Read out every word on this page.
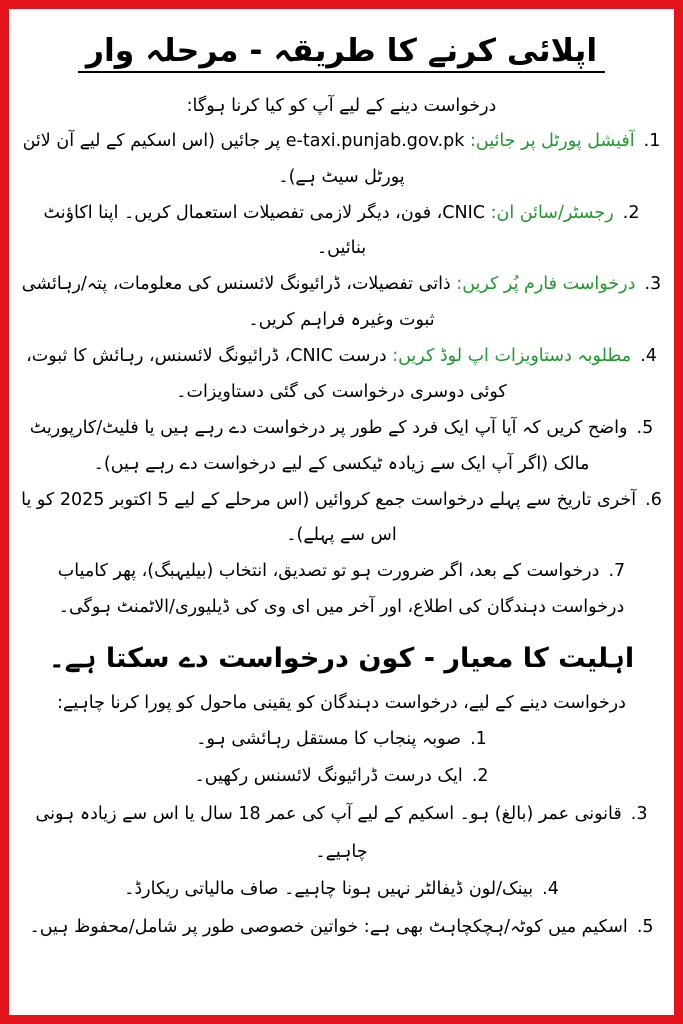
اپلائی کرنے کا طریقہ - مرحلہ وار

درخواست دینے کے لیے آپ کو کیا کرنا ہوگا:

1. آفیشل پورٹل پر جائیں: e-taxi.punjab.gov.pk پر جائیں (اس اسکیم کے لیے آن لائن پورٹل سیٹ ہے)۔

2. رجسٹر/سائن ان: CNIC، فون، دیگر لازمی تفصیلات استعمال کریں۔ اپنا اکاؤنٹ بنائیں۔

3. درخواست فارم پُر کریں: ذاتی تفصیلات، ڈرائیونگ لائسنس کی معلومات، پتہ/رہائشی ثبوت وغیرہ فراہم کریں۔

4. مطلوبہ دستاویزات اپ لوڈ کریں: درست CNIC، ڈرائیونگ لائسنس، رہائش کا ثبوت، کوئی دوسری درخواست کی گئی دستاویزات۔

5. واضح کریں کہ آیا آپ ایک فرد کے طور پر درخواست دے رہے ہیں یا فلیٹ/کارپوریٹ مالک (اگر آپ ایک سے زیادہ ٹیکسی کے لیے درخواست دے رہے ہیں)۔

6. آخری تاریخ سے پہلے درخواست جمع کروائیں (اس مرحلے کے لیے 5 اکتوبر 2025 کو یا اس سے پہلے)۔

7. درخواست کے بعد، اگر ضرورت ہو تو تصدیق، انتخاب (بیلیہبگ)، پھر کامیاب درخواست دہندگان کی اطلاع، اور آخر میں ای وی کی ڈیلیوری/الاٹمنٹ ہوگی۔

اہلیت کا معیار - کون درخواست دے سکتا ہے۔

درخواست دینے کے لیے، درخواست دہندگان کو یقینی ماحول کو پورا کرنا چاہیے:

1. صوبہ پنجاب کا مستقل رہائشی ہو۔

2. ایک درست ڈرائیونگ لائسنس رکھیں۔

3. قانونی عمر (بالغ) ہو۔ اسکیم کے لیے آپ کی عمر 18 سال یا اس سے زیادہ ہونی چاہیے۔

4. بینک/لون ڈیفالٹر نہیں ہونا چاہیے۔ صاف مالیاتی ریکارڈ۔

5. اسکیم میں کوٹہ/ہچکچاہٹ بھی ہے: خواتین خصوصی طور پر شامل/محفوظ ہیں۔
